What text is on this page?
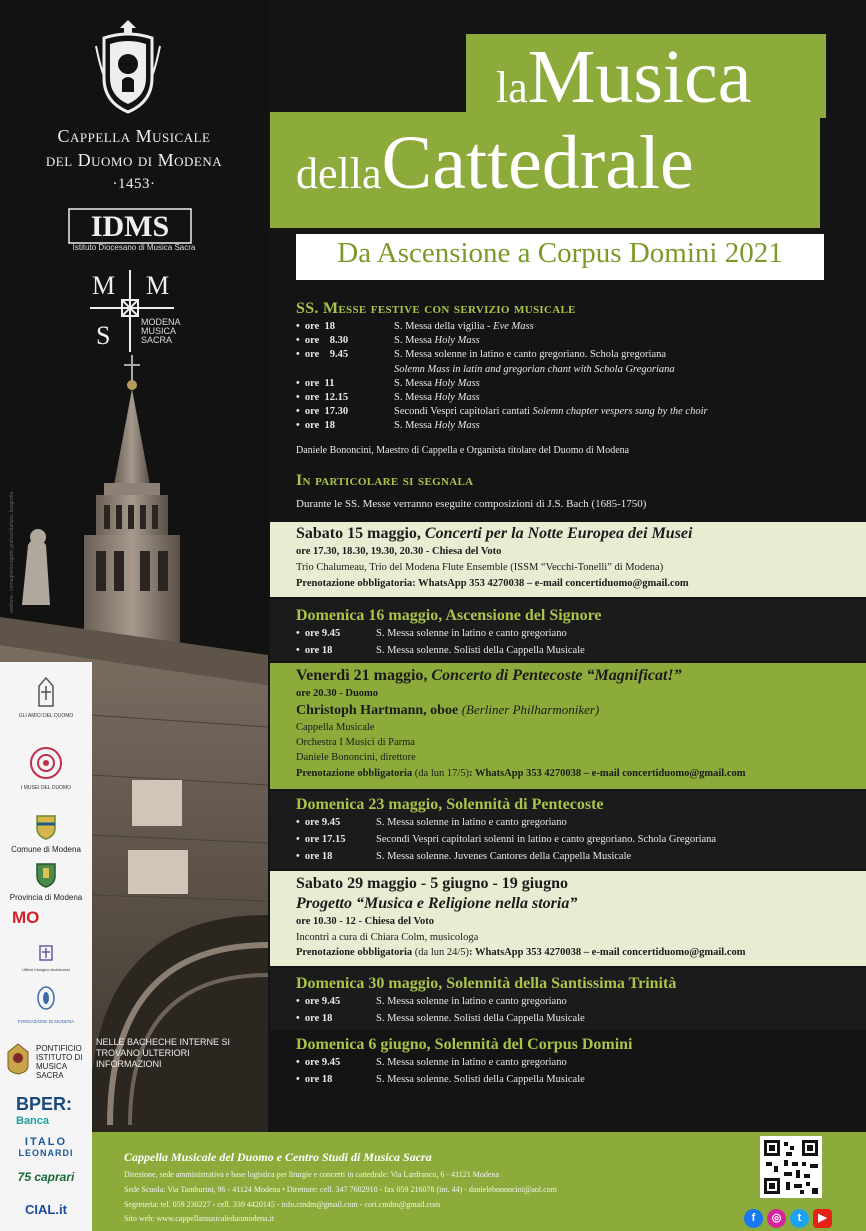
Cappella Musicale
del Duomo di Modena
·1453·
IDMS
Istituto Diocesano di Musica Sacra
M M
S	MODENA
MUSICA
SACRA
antifona - immagine/progetto grafico/stampa: tipografia
GLI AMICI DEL DUOMO
I MUSEI DEL DUOMO
Comune di Modena
Provincia di Modena
MO
Ufficio Liturgico Arcidiocesi
FONDAZIONE DI MODENA
PONTIFICIO ISTITUTO DI MUSICA SACRA
BPER:
Banca
ITALO
LEONARDI
75 caprari
CIAL.it
NELLE BACHECHE INTERNE SI TROVANO ULTERIORI INFORMAZIONI
laMusica
dellaCattedrale
Da Ascensione a Corpus Domini 2021
SS. Messe festive con servizio musicale
•  ore  18	S. Messa della vigilia - Eve Mass
•  ore    8.30	S. Messa Holy Mass
•  ore    9.45	S. Messa solenne in latino e canto gregoriano. Schola gregoriana
Solemn Mass in latin and gregorian chant with Schola Gregoriana
•  ore  11	S. Messa Holy Mass
•  ore  12.15	S. Messa Holy Mass
•  ore  17.30	Secondi Vespri capitolari cantati Solemn chapter vespers sung by the choir
•  ore  18	S. Messa Holy Mass
Daniele Bononcini, Maestro di Cappella e Organista titolare del Duomo di Modena
In particolare si segnala
Durante le SS. Messe verranno eseguite composizioni di J.S. Bach (1685-1750)
Sabato 15 maggio, Concerti per la Notte Europea dei Musei
ore 17.30, 18.30, 19.30, 20.30 - Chiesa del Voto
Trio Chalumeau, Trio del Modena Flute Ensemble (ISSM “Vecchi-Tonelli” di Modena)
Prenotazione obbligatoria: WhatsApp 353 4270038 – e-mail concertiduomo@gmail.com
Domenica 16 maggio, Ascensione del Signore
•  ore 9.45	S. Messa solenne in latino e canto gregoriano
•  ore 18	S. Messa solenne. Solisti della Cappella Musicale
Venerdì 21 maggio, Concerto di Pentecoste “Magnificat!”
ore 20.30 - Duomo
Christoph Hartmann, oboe (Berliner Philharmoniker)
Cappella Musicale
Orchestra I Musici di Parma
Daniele Bononcini, direttore
Prenotazione obbligatoria (da lun 17/5): WhatsApp 353 4270038 – e-mail concertiduomo@gmail.com
Domenica 23 maggio, Solennità di Pentecoste
•  ore 9.45	S. Messa solenne in latino e canto gregoriano
•  ore 17.15	Secondi Vespri capitolari solenni in latino e canto gregoriano. Schola Gregoriana
•  ore 18	S. Messa solenne. Juvenes Cantores della Cappella Musicale
Sabato 29 maggio - 5 giugno - 19 giugno
Progetto “Musica e Religione nella storia”
ore 10.30 - 12 - Chiesa del Voto
Incontri a cura di Chiara Colm, musicologa
Prenotazione obbligatoria (da lun 24/5): WhatsApp 353 4270038 – e-mail concertiduomo@gmail.com
Domenica 30 maggio, Solennità della Santissima Trinità
•  ore 9.45	S. Messa solenne in latino e canto gregoriano
•  ore 18	S. Messa solenne. Solisti della Cappella Musicale
Domenica 6 giugno, Solennità del Corpus Domini
•  ore 9.45	S. Messa solenne in latino e canto gregoriano
•  ore 18	S. Messa solenne. Solisti della Cappella Musicale
Cappella Musicale del Duomo e Centro Studi di Musica Sacra
Direzione, sede amministrativa e base logistica per liturgie e concerti in cattedrale: Via Lanfranco, 6 - 41121 Modena
Sede Scuola: Via Tamburini, 96 - 41124 Modena • Direttore: cell. 347 7602910 - fax 059 216078 (int. 44) - danielebononcini@aol.com
Segreteria: tel. 059 230227 - cell. 339 4420145 - info.cmdm@gmail.com - cori.cmdm@gmail.com
Sito web: www.cappellamusicaleduomodena.it	f ◎ t ▶
